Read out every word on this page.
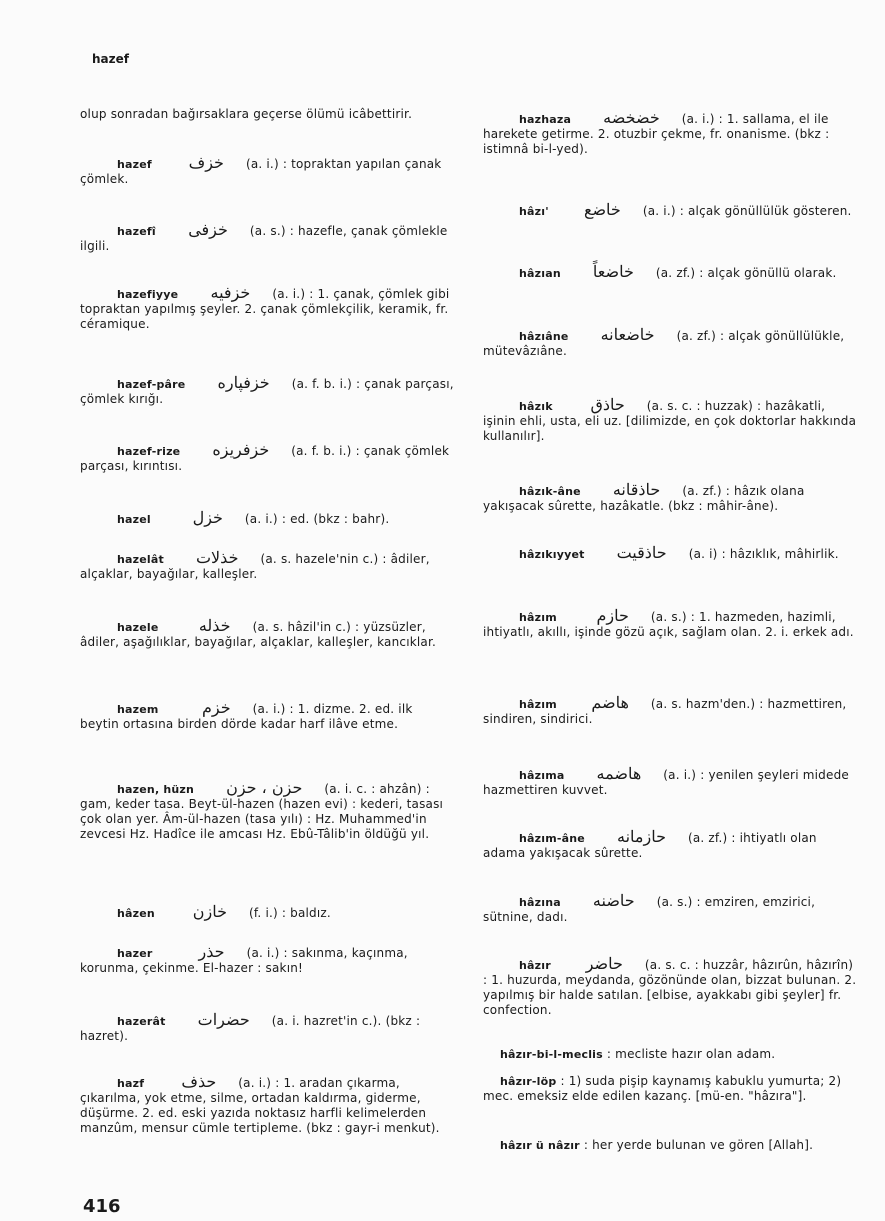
hazef
olup sonradan bağırsaklara geçerse ölümü icâbettirir.
hazef خزف (a. i.) : topraktan yapılan çanak çömlek.
hazefî خزفى (a. s.) : hazefle, çanak çömlekle ilgili.
hazefiyye خزفيه (a. i.) : 1. çanak, çömlek gibi topraktan yapılmış şeyler. 2. çanak çömlekçilik, keramik, fr. céramique.
hazef-pâre خزفپاره (a. f. b. i.) : çanak parçası, çömlek kırığı.
hazef-rize خزفريزه (a. f. b. i.) : çanak çömlek parçası, kırıntısı.
hazel	خزل (a. i.) : ed. (bkz : bahr).
hazelât خذلات (a. s. hazele'nin c.) : âdiler, alçaklar, bayağılar, kalleşler.
hazele	خذله (a. s. hâzil'in c.) : yüzsüzler, âdiler, aşağılıklar, bayağılar, alçaklar, kalleşler, kancıklar.
hazem	خزم (a. i.) : 1. dizme. 2. ed. ilk beytin ortasına birden dörde kadar harf ilâve etme.
hazen, hüzn حزن ، حزن (a. i. c. : ahzân) : gam, keder tasa. Beyt-ül-hazen (hazen evi) : kederi, tasası çok olan yer. Âm-ül-hazen (tasa yılı) : Hz. Muhammed'in zevcesi Hz. Hadîce ile amcası Hz. Ebû-Tâlib'in öldüğü yıl.
hâzen خازن (f. i.) : baldız.
hazer	حذر (a. i.) : sakınma, kaçınma, korunma, çekinme. El-hazer : sakın!
hazerât حضرات (a. i. hazret'in c.). (bkz : hazret).
hazf حذف (a. i.) : 1. aradan çıkarma, çıkarılma, yok etme, silme, ortadan kaldırma, giderme, düşürme. 2. ed. eski yazıda noktasız harfli kelimelerden manzûm, mensur cümle tertipleme. (bkz : gayr-i menkut).
hazhaza خضخضه (a. i.) : 1. sallama, el ile harekete getirme. 2. otuzbir çekme, fr. onanisme. (bkz : istimnâ bi-l-yed).
hâzı' خاضع (a. i.) : alçak gönüllülük gösteren.
hâzıan خاضعاً (a. zf.) : alçak gönüllü olarak.
hâzıâne خاضعانه (a. zf.) : alçak gönüllülükle, mütevâzıâne.
hâzık حاذق (a. s. c. : huzzak) : hazâkatli, işinin ehli, usta, eli uz. [dilimizde, en çok doktorlar hakkında kullanılır].
hâzık-âne حاذقانه (a. zf.) : hâzık olana yakışacak sûrette, hazâkatle. (bkz : mâhir-âne).
hâzıkıyyet حاذقيت (a. i) : hâzıklık, mâhirlik.
hâzım حازم (a. s.) : 1. hazmeden, hazimli, ihtiyatlı, akıllı, işinde gözü açık, sağlam olan. 2. i. erkek adı.
hâzım هاضم (a. s. hazm'den.) : hazmettiren, sindiren, sindirici.
hâzıma هاضمه (a. i.) : yenilen şeyleri midede hazmettiren kuvvet.
hâzım-âne حازمانه (a. zf.) : ihtiyatlı olan adama yakışacak sûrette.
hâzına حاضنه (a. s.) : emziren, emzirici, sütnine, dadı.
hâzır حاضر (a. s. c. : huzzâr, hâzırûn, hâzırîn) : 1. huzurda, meydanda, gözönünde olan, bizzat bulunan. 2. yapılmış bir halde satılan. [elbise, ayakkabı gibi şeyler] fr. confection.
hâzır-bi-l-meclis : mecliste hazır olan adam.
hâzır-löp : 1) suda pişip kaynamış kabuklu yumurta; 2) mec. emeksiz elde edilen kazanç. [mü-en. "hâzıra"].
hâzır ü nâzır : her yerde bulunan ve gören [Allah].
416
